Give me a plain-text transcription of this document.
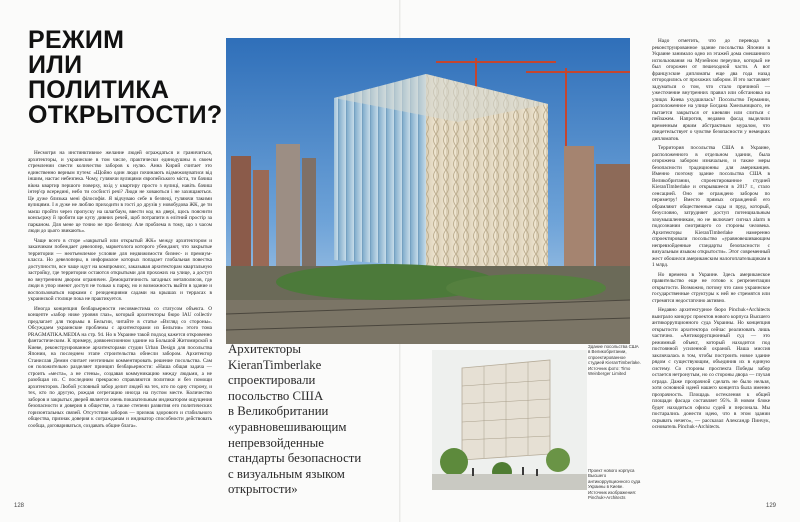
РЕЖИМ
ИЛИ ПОЛИТИКА
ОТКРЫТОСТИ?

Несмотря на инстинктивное желание людей ограждаться и граничиться, архитекторы, и украинские в том числе, практически единодушны в своем стремлении свести количество заборов к нулю. Анна Кирий считает это единственно верным путем: «Щойно один люди починають відмежовуватися від іншим, настає небезпека. Чому, гуляючи вулицями європейського міста, ти бачиш вікна квартир першого поверху, вхід у квартиру просто з вулиці, навіть бачиш інтер'єр всередині, небо ти сосбисті речі? Люди не ховаються і не захищаються. Це дуже близька мені філософія. Я відчуваю себе в безпеці, гуляючи такими вулицями. І я дуже не люблю приходити в гості до друзів у новобудова ЖК, де ти маєш пройти через пропуску на шлагбаум, ввести код на двері, щось пояснити консьєржу й зробити ще купу дивних речей, щоб потрапити в елітний простір за парканом. Для мене це точно не про безпеку. Але проблема в тому, що з часом люди до цього звикають».

Чаще всего в сторе «закрытый или открытый ЖК» между архитектором и заказчиком побеждает девелопер, маркетолога которого убеждают, что закрытые территории — неотъемлемое условие для недвижимости бизнес- и премиум-класса. Но девелоперы, в информалое которых попадает глобальная повестка доступности, все чаще идут на компромисс, заказывая архитекторам квартальную застройку, где территории остаются открытыми для прохожих на улице, а доступ во внутренним двором ограничен. Демократичность загадных метаполисов, где люди в упор имеют доступ не только к парку, но и возможность выйти в здание и воспользоваться нарками с резиденциями садами на крышах и террасах в украинской столице пока не практикуется.

Иногда концепция безбарьерности несовместима со статусом объекта. О концепте «забор ниже уровня глаз», который архитекторы бюро IAU collectiv предлагает для тюрьмы в Бельгии, читайте в статье «Взгляд со стороны». Обсуждаем украинские проблемы с архитекторами из Бельгии» этого тома PRAGMATIKA.MEDIA на стр. 94. Но в Украине такой подход кажется откровенно фантастическим. К примеру, доввоенсионном здание на Большой Житомирской в Киеве, реконструированное архитекторами студии Urban Design для посольства Японии, на последнем этапе строительства обнесли забором. Архитектор Станислав Демин считает неэтичным комментировать решение посольства. Сам он положительно разделяет принцип безбарьерности: «Наша общая задача — строить «места», а не стены», создавая коммуникацию между людьми, а не разобщая их. С последним прекрасно справляются политики и без помощи архитекторов. Любой условный забор делит людей на тех, кто по одну сторону, и тех, кто по другую, рождая сегрегацию иногда на пустом месте. Количество заборов и закрытых дверей является очень показательным индикатором ощущения безопасности и доверия в обществе, а также степени развития его политических горизонтальных связей. Отсутствие заборов — признак здорового и стабильного общества, признак доверия к согражданам и индикатор способности действовать сообща, договариваться, создавать общие блага».

Архитекторы
KieranTimberlake
спроектировали
посольство США
в Великобритании
«уравновешивающим
непревзойденные
стандарты безопасности
с визуальным языком
открытости»
Здание посольства США в Великобритании, спроектированное студией KieranTimberlake. Источник фото: Timo Weinberger Limited
Проект нового корпуса Высшего антикоррупционного суда Украины в Киеве. Источник изображения: Pinchuk+Architects

Надо отметить, что до перевода в реконструированное здание посольства Японии в Украине занимало одно из этажей дома смешанного использования на Музейном переулке, который не был огорожен от пешеходной части. А вот французские дипломаты еще два года назад отгородились от прохожих забором. И это заставляет задуматься о том, что стало причиной — ужесточение внутренних правил или обстановка на улицах Киева ухудшилась? Посольство Германии, расположенное на улице Богдана Хмельницкого, не пытается закрыться от киевлян или слиться с пейзажем. Напротив, недавно фасад выделили временным ярким абстрактным муралом, что свидетельствует о чувстве безопасности у немецких дипломатов.

Территория посольства США в Украине, расположенного в отдельном здании, была огорожена забором изначально, и также меры безопасности традиционны для американцев. Именно поэтому здание посольства США в Великобритании, спроектированное студией KieranTimberlake и открывшееся в 2017 г., стало сенсацией. Оно не ограждено забором по периметру! Вместо прямых ограждений его обрамляют общественные сады и пруд, который, безусловно, затрудняет доступ потенциальным злоумышленникам, но не включает сигнал alarm в подсознании смотрящего со стороны человека. Архитекторы KieranTimberlake намеренно спроектировали посольство «уравновешивающим непревзойденные стандарты безопасности с визуальным языком открытости». Этот современный жест обошелся американским налогоплательщикам в 1 млрд.

Но времена в Украине. Здесь американское правительство еще не готово к репрезентации открытости. Возможно, потому что само украинское государственные структуры к ней не стремятся или стремятся недостаточно активно.

Недавно архитектурное бюро Pinchuk+Architects выиграло конкурс проектов нового корпуса Высшего антикоррупционного суда Украины. Но концепция открытости архитектора сейчас реализовать лишь частично. «Антикоррупционный суд — это режимный объект, который находится под постоянной усиленной охраной. Наша миссия заключалась в том, чтобы построить новое здание рядом с существующим, объединив их в единую систему. Со стороны проспекта Победы забор остается нетронутым, но со стороны двора — глухая ограда. Даже прозрачной сделать не было нельзя, хотя основной идеей нашего концепта была именно прозрачность. Площадь остекления к общей площади фасада составляет 95%. В новом блоке будет находиться офисы судей и персонала. Мы постарались донести идею, что в этом здании скрывать нечего», — рассказал Александр Пинчук, основатель Pinchuk+Architects.

128	129
